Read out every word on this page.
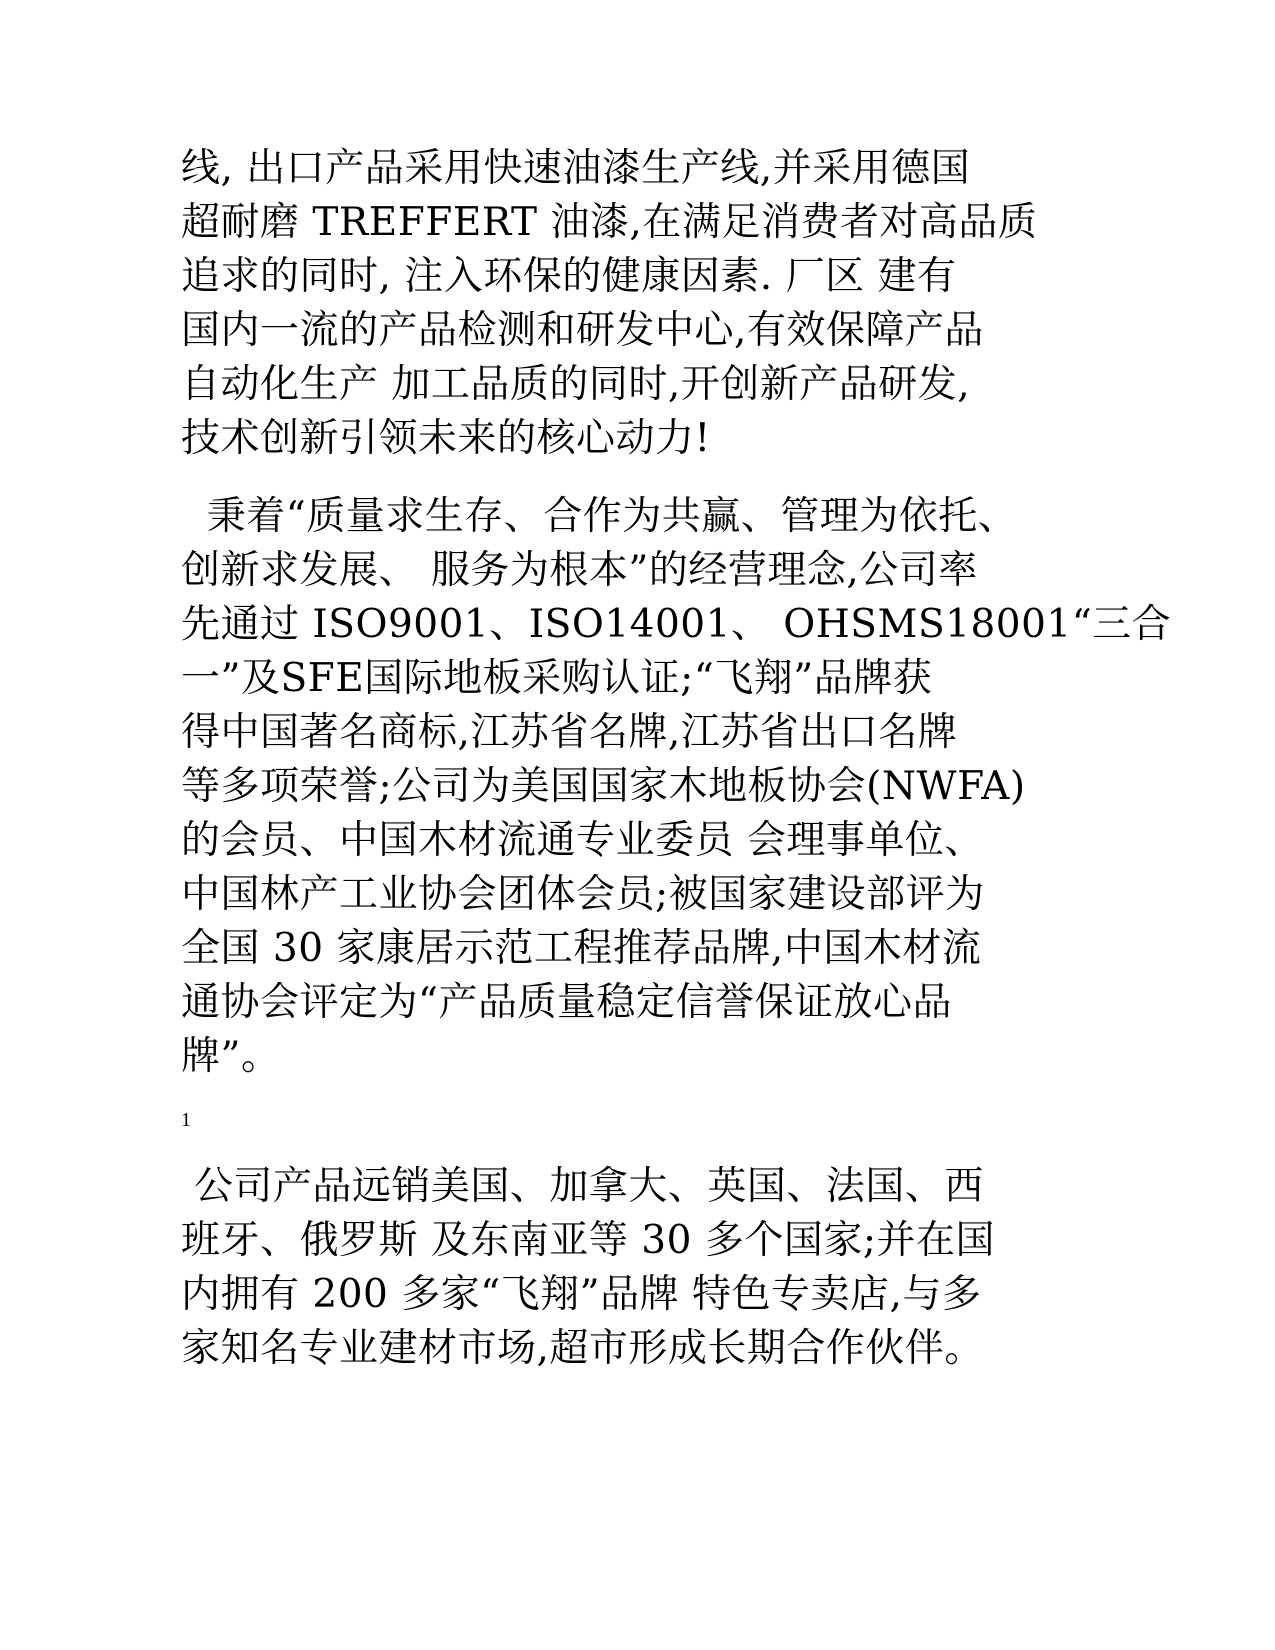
线, 出口产品采用快速油漆生产线,并采用德国
超耐磨 TREFFERT 油漆,在满足消费者对高品质
追求的同时, 注入环保的健康因素. 厂区 建有
国内一流的产品检测和研发中心,有效保障产品
自动化生产 加工品质的同时,开创新产品研发,
技术创新引领未来的核心动力!
秉着“质量求生存、合作为共赢、管理为依托、
创新求发展、 服务为根本”的经营理念,公司率
先通过 ISO9001、ISO14001、 OHSMS18001“三合
一”及SFE国际地板采购认证;“飞翔”品牌获
得中国著名商标,江苏省名牌,江苏省出口名牌
等多项荣誉;公司为美国国家木地板协会(NWFA)
的会员、中国木材流通专业委员 会理事单位、
中国林产工业协会团体会员;被国家建设部评为
全国 30 家康居示范工程推荐品牌,中国木材流
通协会评定为“产品质量稳定信誉保证放心品
牌”。
1
公司产品远销美国、加拿大、英国、法国、西
班牙、俄罗斯 及东南亚等 30 多个国家;并在国
内拥有 200 多家“飞翔”品牌 特色专卖店,与多
家知名专业建材市场,超市形成长期合作伙伴。
